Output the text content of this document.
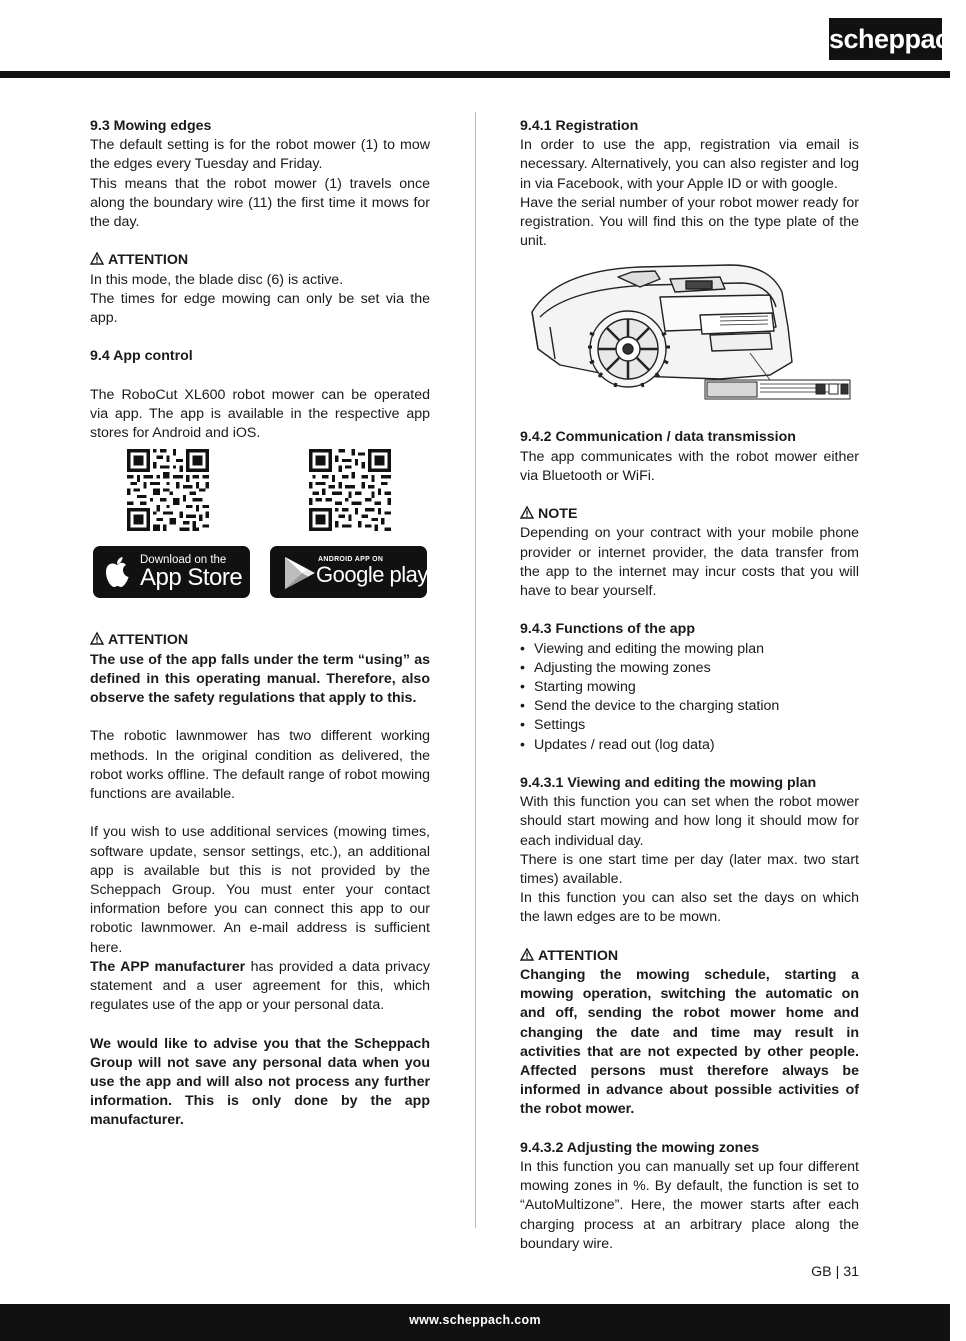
scheppach

9.3 Mowing edges

The default setting is for the robot mower (1) to mow the edges every Tuesday and Friday.

This means that the robot mower (1) travels once along the boundary wire (11) the first time it mows for the day.

ATTENTION

In this mode, the blade disc (6) is active.

The times for edge mowing can only be set via the app.

9.4 App control

The RoboCut XL600 robot mower can be operated via app. The app is available in the respective app stores for Android and iOS.

Download on the
App Store
ANDROID APP ON
Google play

ATTENTION

The use of the app falls under the term “using” as defined in this operating manual. Therefore, also observe the safety regulations that apply to this.

The robotic lawnmower has two different working methods. In the original condition as delivered, the robot works offline. The default range of robot mowing functions are available.

If you wish to use additional services (mowing times, software update, sensor settings, etc.), an additional app is available but this is not provided by the Scheppach Group. You must enter your contact information before you can connect this app to our robotic lawnmower. An e-mail address is sufficient here.

The APP manufacturer has provided a data privacy statement and a user agreement for this, which regulates use of the app or your personal data.

We would like to advise you that the Scheppach Group will not save any personal data when you use the app and will also not process any further information. This is only done by the app manufacturer.

9.4.1 Registration

In order to use the app, registration via email is necessary. Alternatively, you can also register and log in via Facebook, with your Apple ID or with google.

Have the serial number of your robot mower ready for registration. You will find this on the type plate of the unit.

9.4.2 Communication / data transmission

The app communicates with the robot mower either via Bluetooth or WiFi.

NOTE

Depending on your contract with your mobile phone provider or internet provider, the data transfer from the app to the internet may incur costs that you will have to bear yourself.

9.4.3 Functions of the app

• Viewing and editing the mowing plan
• Adjusting the mowing zones
• Starting mowing
• Send the device to the charging station
• Settings
• Updates / read out (log data)

9.4.3.1 Viewing and editing the mowing plan

With this function you can set when the robot mower should start mowing and how long it should mow for each individual day.

There is one start time per day (later max. two start times) available.

In this function you can also set the days on which the lawn edges are to be mown.

ATTENTION

Changing the mowing schedule, starting a mowing operation, switching the automatic on and off, sending the robot mower home and changing the date and time may result in activities that are not expected by other people. Affected persons must therefore always be informed in advance about possible activities of the robot mower.

9.4.3.2 Adjusting the mowing zones

In this function you can manually set up four different mowing zones in %. By default, the function is set to “AutoMultizone”. Here, the mower starts after each charging process at an arbitrary place along the boundary wire.

GB | 31
www.scheppach.com
